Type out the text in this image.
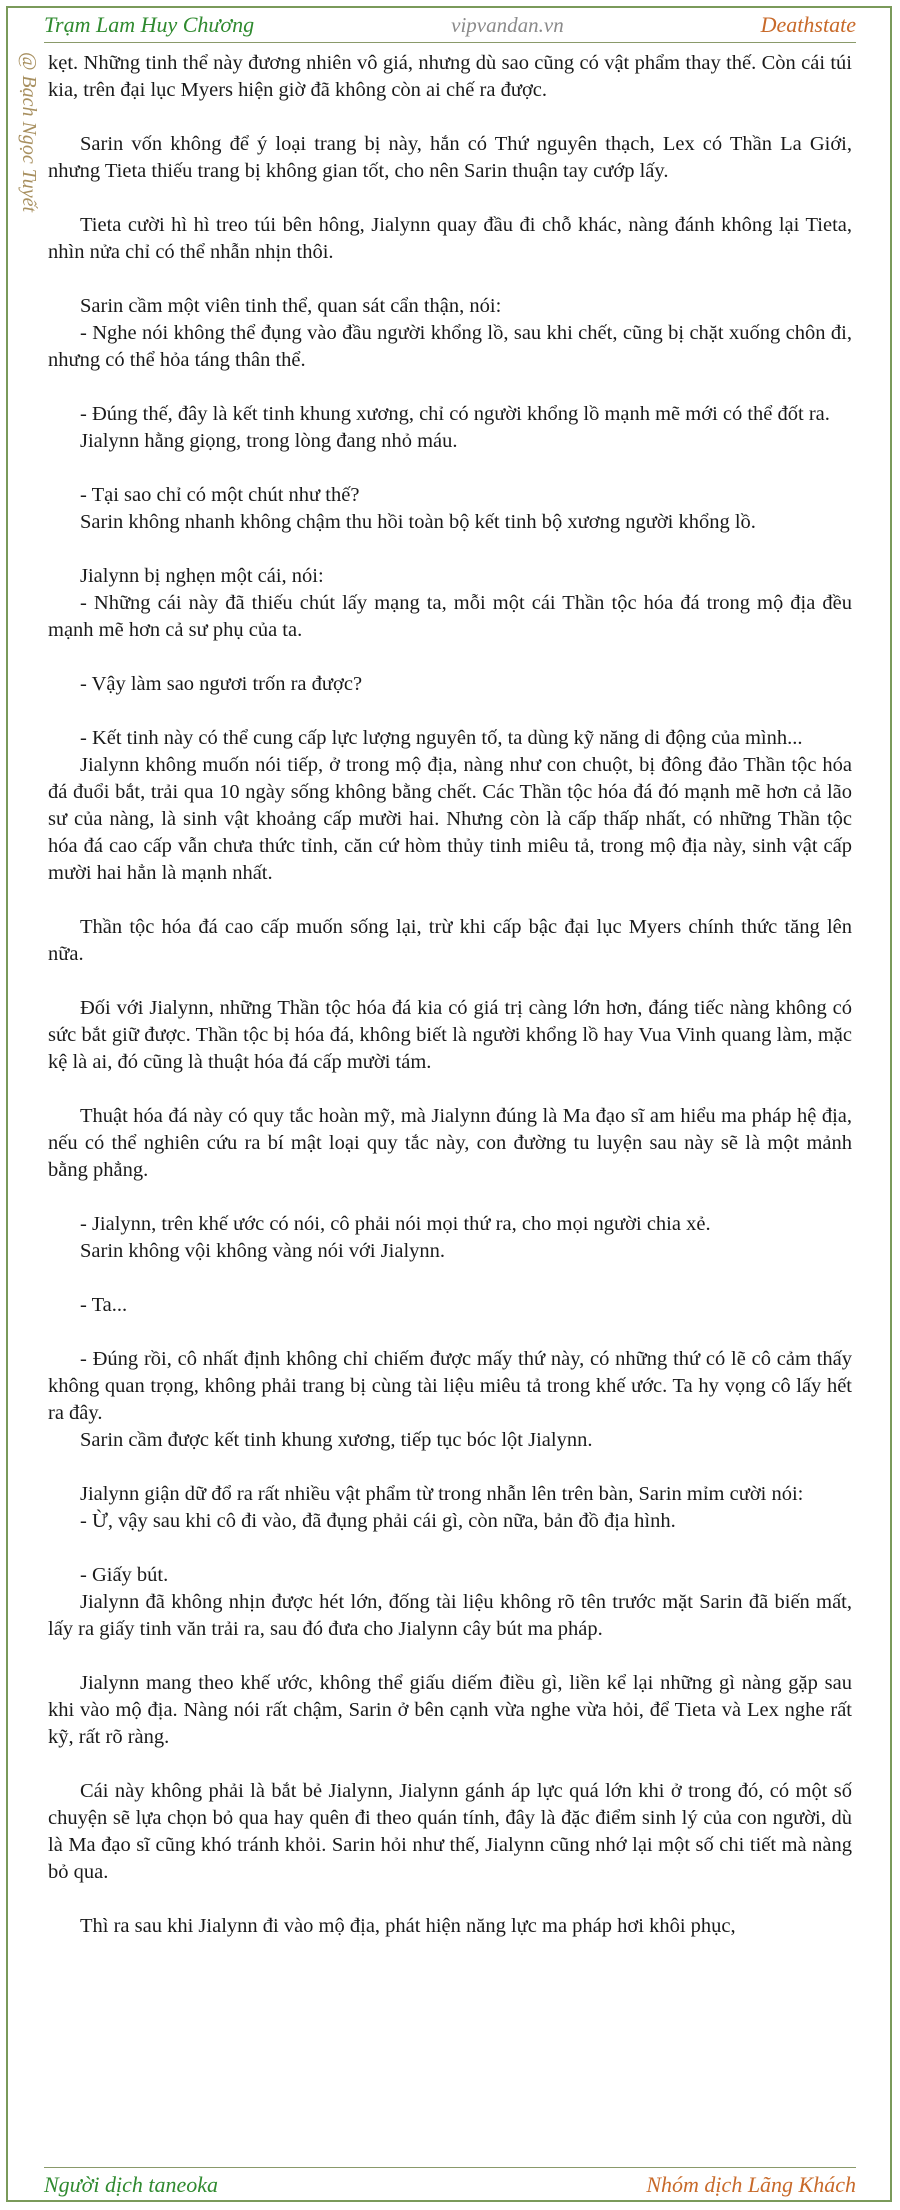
Trạm Lam Huy Chương	vipvandan.vn	Deathstate
@ Bạch Ngọc Tuyết kẹt. Những tinh thể này đương nhiên vô giá, nhưng dù sao cũng có vật phẩm thay thế. Còn cái túi kia, trên đại lục Myers hiện giờ đã không còn ai chế ra được.

Sarin vốn không để ý loại trang bị này, hắn có Thứ nguyên thạch, Lex có Thần La Giới, nhưng Tieta thiếu trang bị không gian tốt, cho nên Sarin thuận tay cướp lấy.

Tieta cười hì hì treo túi bên hông, Jialynn quay đầu đi chỗ khác, nàng đánh không lại Tieta, nhìn nửa chỉ có thể nhẫn nhịn thôi.

Sarin cầm một viên tinh thể, quan sát cẩn thận, nói:

- Nghe nói không thể đụng vào đầu người khổng lồ, sau khi chết, cũng bị chặt xuống chôn đi, nhưng có thể hỏa táng thân thể.

- Đúng thế, đây là kết tinh khung xương, chỉ có người khổng lồ mạnh mẽ mới có thể đốt ra.

Jialynn hằng giọng, trong lòng đang nhỏ máu.

- Tại sao chỉ có một chút như thế?

Sarin không nhanh không chậm thu hồi toàn bộ kết tinh bộ xương người khổng lồ.

Jialynn bị nghẹn một cái, nói:

- Những cái này đã thiếu chút lấy mạng ta, mỗi một cái Thần tộc hóa đá trong mộ địa đều mạnh mẽ hơn cả sư phụ của ta.

- Vậy làm sao ngươi trốn ra được?

- Kết tinh này có thể cung cấp lực lượng nguyên tố, ta dùng kỹ năng di động của mình...

Jialynn không muốn nói tiếp, ở trong mộ địa, nàng như con chuột, bị đông đảo Thần tộc hóa đá đuổi bắt, trải qua 10 ngày sống không bằng chết. Các Thần tộc hóa đá đó mạnh mẽ hơn cả lão sư của nàng, là sinh vật khoảng cấp mười hai. Nhưng còn là cấp thấp nhất, có những Thần tộc hóa đá cao cấp vẫn chưa thức tỉnh, căn cứ hòm thủy tinh miêu tả, trong mộ địa này, sinh vật cấp mười hai hẳn là mạnh nhất.

Thần tộc hóa đá cao cấp muốn sống lại, trừ khi cấp bậc đại lục Myers chính thức tăng lên nữa.

Đối với Jialynn, những Thần tộc hóa đá kia có giá trị càng lớn hơn, đáng tiếc nàng không có sức bắt giữ được. Thần tộc bị hóa đá, không biết là người khổng lồ hay Vua Vinh quang làm, mặc kệ là ai, đó cũng là thuật hóa đá cấp mười tám.

Thuật hóa đá này có quy tắc hoàn mỹ, mà Jialynn đúng là Ma đạo sĩ am hiểu ma pháp hệ địa, nếu có thể nghiên cứu ra bí mật loại quy tắc này, con đường tu luyện sau này sẽ là một mảnh bằng phẳng.

- Jialynn, trên khế ước có nói, cô phải nói mọi thứ ra, cho mọi người chia xẻ.

Sarin không vội không vàng nói với Jialynn.

- Ta...

- Đúng rồi, cô nhất định không chỉ chiếm được mấy thứ này, có những thứ có lẽ cô cảm thấy không quan trọng, không phải trang bị cùng tài liệu miêu tả trong khế ước. Ta hy vọng cô lấy hết ra đây.

Sarin cầm được kết tinh khung xương, tiếp tục bóc lột Jialynn.

Jialynn giận dữ đổ ra rất nhiều vật phẩm từ trong nhẫn lên trên bàn, Sarin mỉm cười nói:

- Ừ, vậy sau khi cô đi vào, đã đụng phải cái gì, còn nữa, bản đồ địa hình.

- Giấy bút.

Jialynn đã không nhịn được hét lớn, đống tài liệu không rõ tên trước mặt Sarin đã biến mất, lấy ra giấy tinh văn trải ra, sau đó đưa cho Jialynn cây bút ma pháp.

Jialynn mang theo khế ước, không thể giấu diếm điều gì, liền kể lại những gì nàng gặp sau khi vào mộ địa. Nàng nói rất chậm, Sarin ở bên cạnh vừa nghe vừa hỏi, để Tieta và Lex nghe rất kỹ, rất rõ ràng.

Cái này không phải là bắt bẻ Jialynn, Jialynn gánh áp lực quá lớn khi ở trong đó, có một số chuyện sẽ lựa chọn bỏ qua hay quên đi theo quán tính, đây là đặc điểm sinh lý của con người, dù là Ma đạo sĩ cũng khó tránh khỏi. Sarin hỏi như thế, Jialynn cũng nhớ lại một số chi tiết mà nàng bỏ qua.

Thì ra sau khi Jialynn đi vào mộ địa, phát hiện năng lực ma pháp hơi khôi phục,

Người dịch taneoka	Nhóm dịch Lãng Khách
